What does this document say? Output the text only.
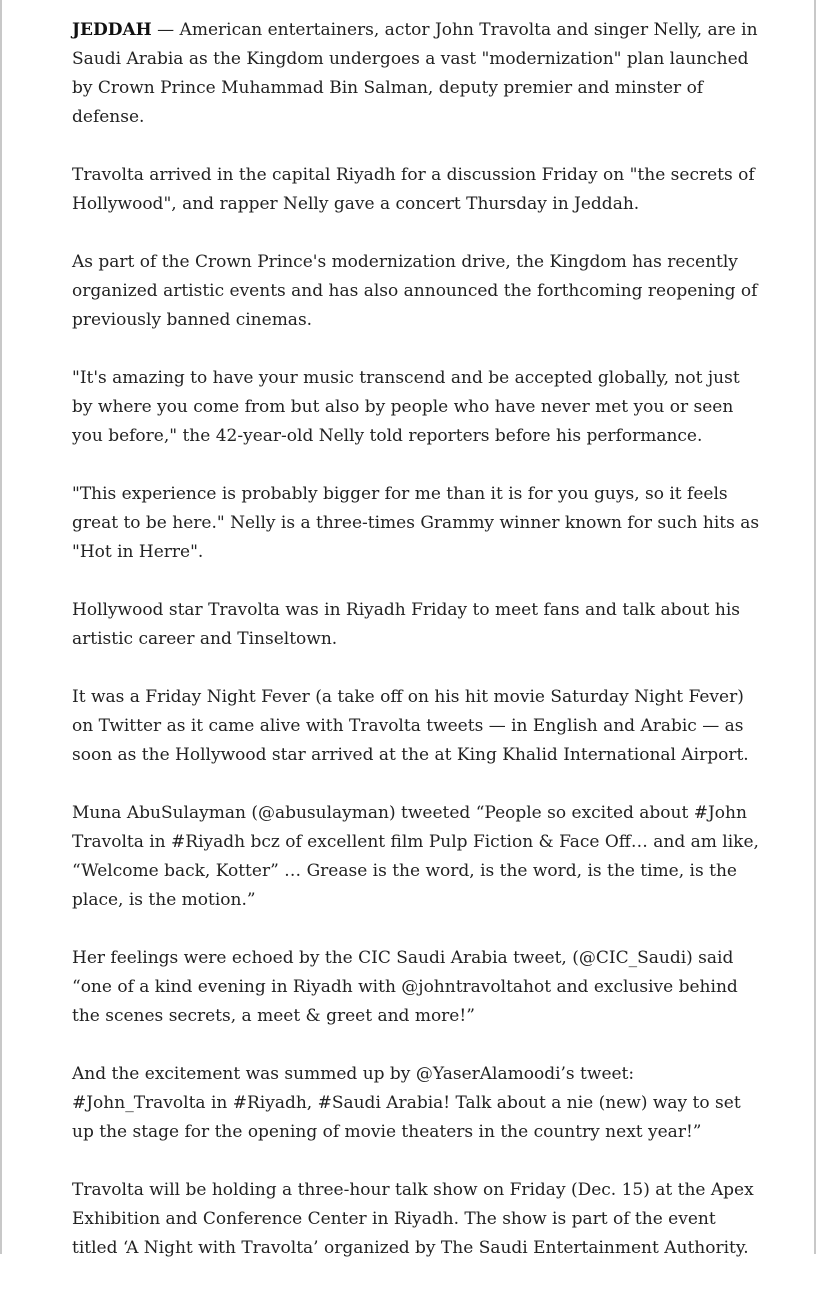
JEDDAH — American entertainers, actor John Travolta and singer Nelly, are in Saudi Arabia as the Kingdom undergoes a vast "modernization" plan launched by Crown Prince Muhammad Bin Salman, deputy premier and minster of defense.

Travolta arrived in the capital Riyadh for a discussion Friday on "the secrets of Hollywood", and rapper Nelly gave a concert Thursday in Jeddah.

As part of the Crown Prince's modernization drive, the Kingdom has recently organized artistic events and has also announced the forthcoming reopening of previously banned cinemas.

"It's amazing to have your music transcend and be accepted globally, not just by where you come from but also by people who have never met you or seen you before," the 42-year-old Nelly told reporters before his performance.

"This experience is probably bigger for me than it is for you guys, so it feels great to be here." Nelly is a three-times Grammy winner known for such hits as "Hot in Herre".

Hollywood star Travolta was in Riyadh Friday to meet fans and talk about his artistic career and Tinseltown.

It was a Friday Night Fever (a take off on his hit movie Saturday Night Fever) on Twitter as it came alive with Travolta tweets — in English and Arabic — as soon as the Hollywood star arrived at the at King Khalid International Airport.

Muna AbuSulayman (@abusulayman) tweeted “People so excited about #John Travolta in #Riyadh bcz of excellent film Pulp Fiction & Face Off… and am like, “Welcome back, Kotter” … Grease is the word, is the word, is the time, is the place, is the motion.”

Her feelings were echoed by the CIC Saudi Arabia tweet, (@CIC_Saudi) said “one of a kind evening in Riyadh with @johntravoltahot and exclusive behind the scenes secrets, a meet & greet and more!”

And the excitement was summed up by @YaserAlamoodi’s tweet: #John_Travolta in #Riyadh, #Saudi Arabia! Talk about a nie (new) way to set up the stage for the opening of movie theaters in the country next year!”

Travolta will be holding a three-hour talk show on Friday (Dec. 15) at the Apex Exhibition and Conference Center in Riyadh. The show is part of the event titled ‘A Night with Travolta’ organized by The Saudi Entertainment Authority.
